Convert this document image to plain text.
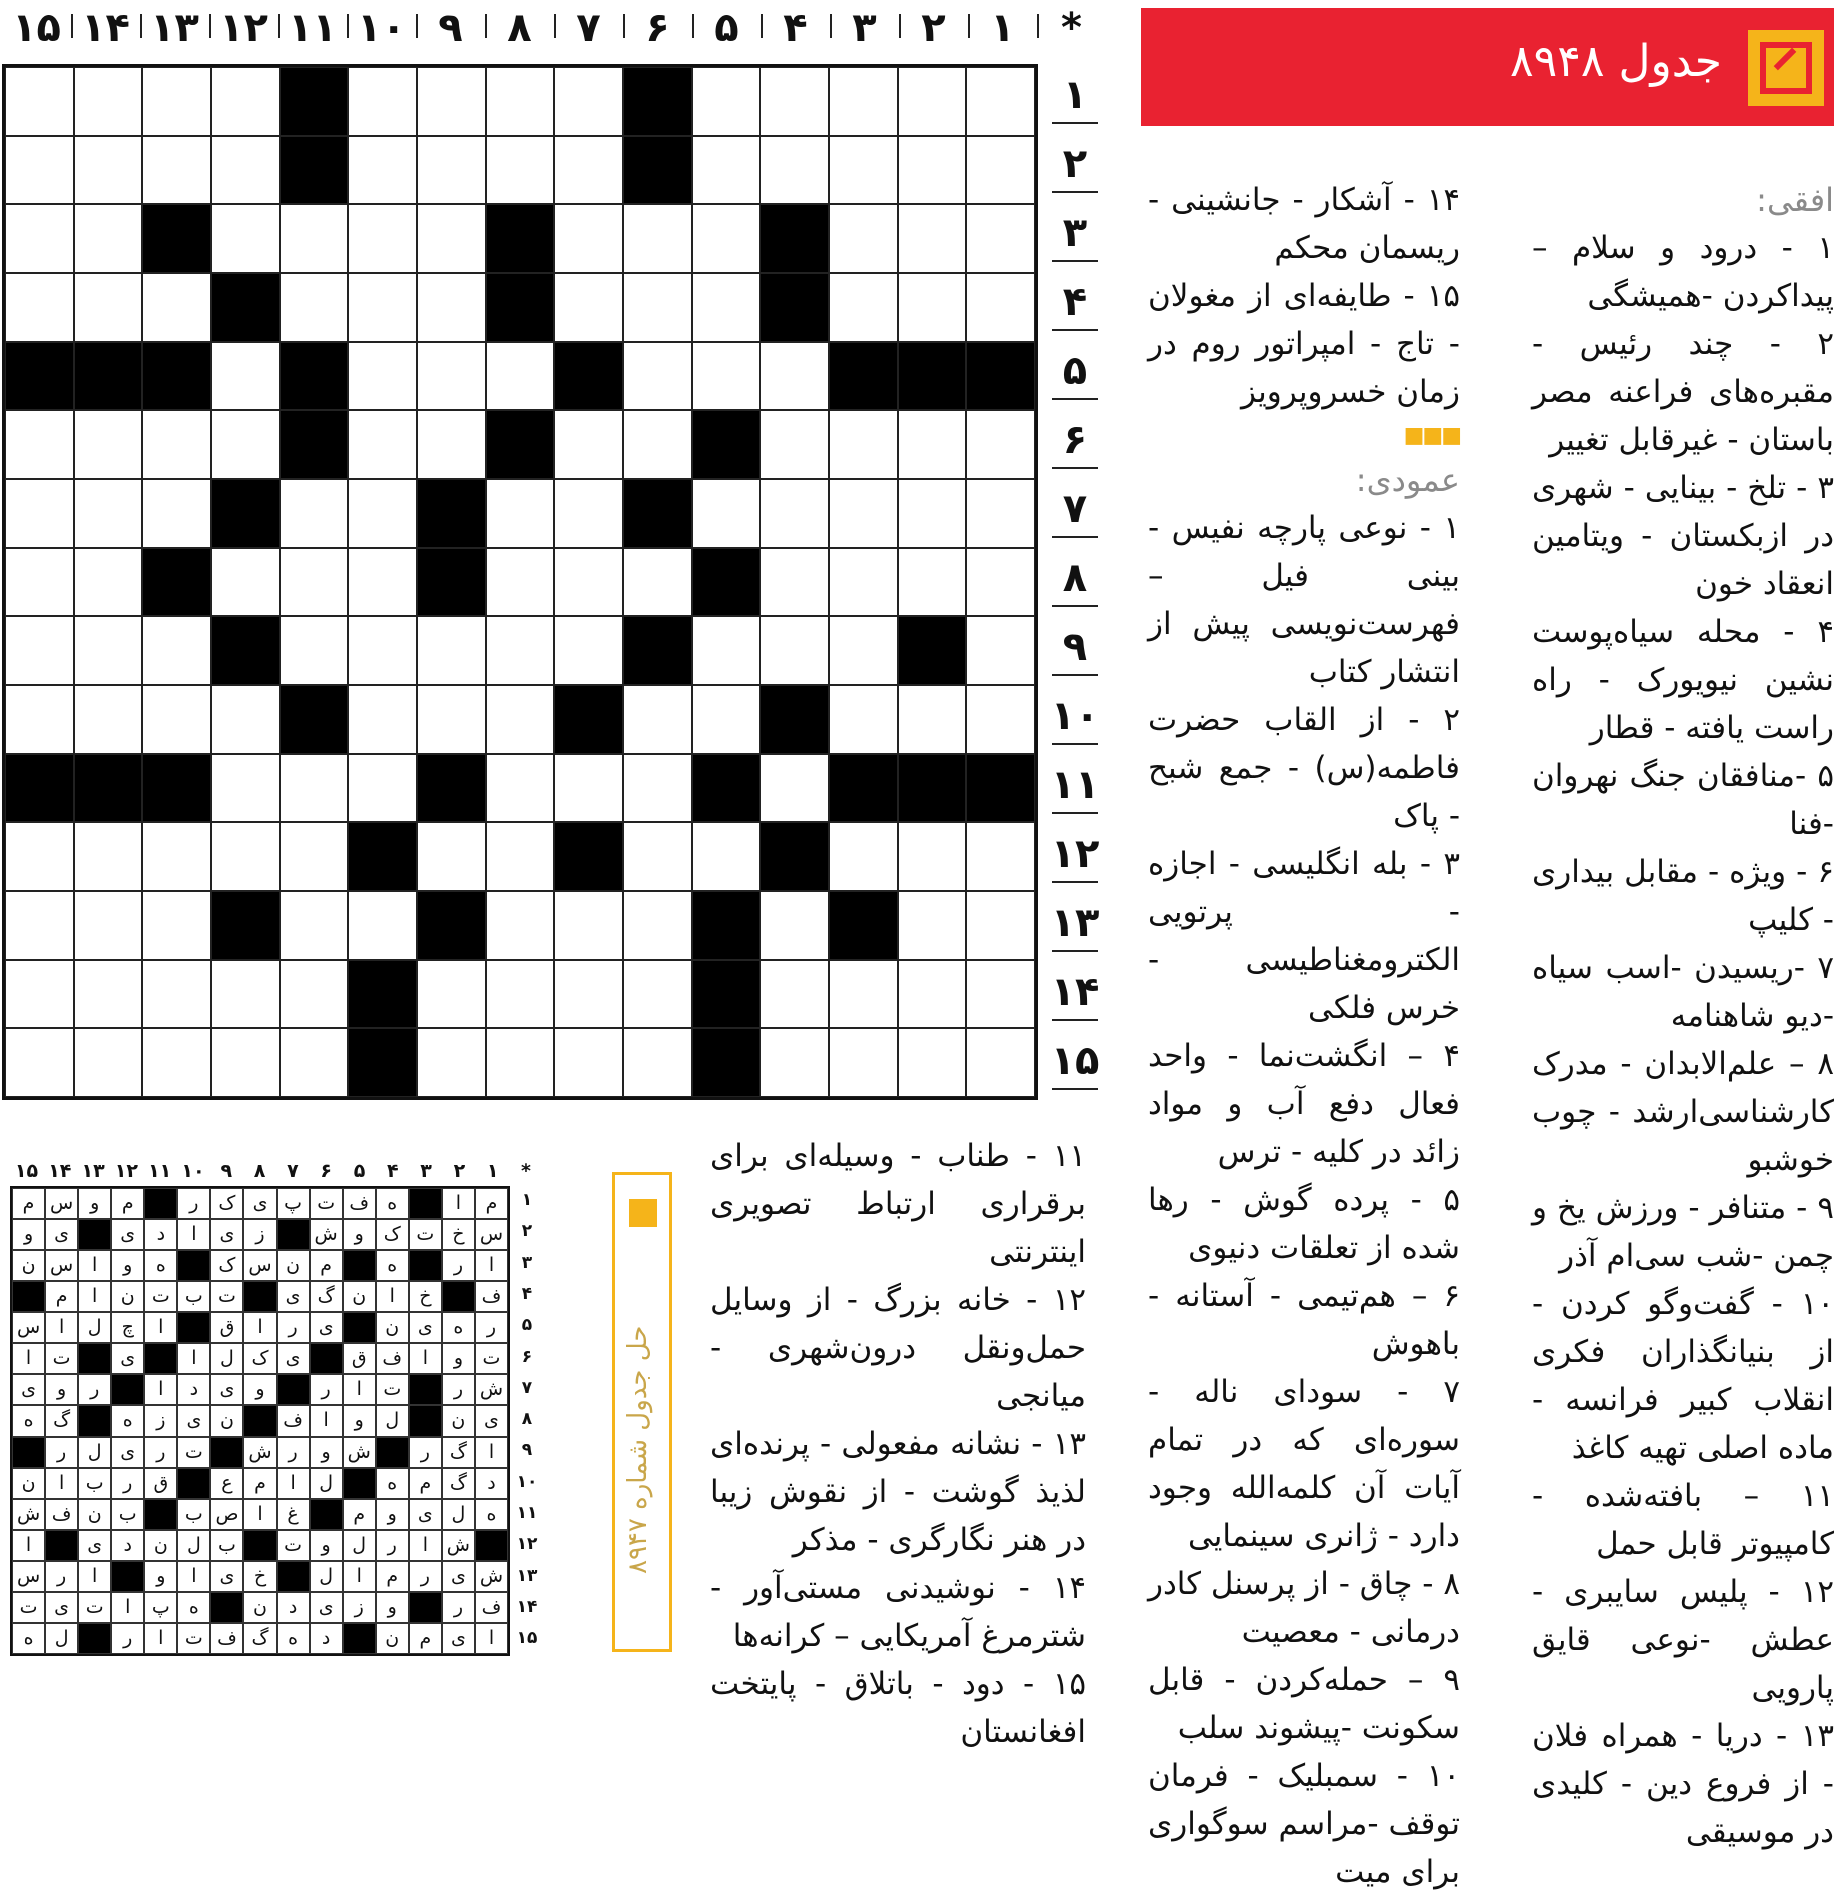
۱۵ ۱۴ ۱۳ ۱۲ ۱۱ ۱۰ ۹	۸	۷	۶	۵	۴	۳	۲	۱	*
۱
۲
۳
۴
۵
۶
۷
۸
۹
۱۰
۱۱
۱۲
۱۳
۱۴
۱۵
جدول ۸۹۴۸
افقی:

۱ - درود و سلام – پیداکردن -همیشگی

۲ - چند رئیس - مقبره‌های فراعنه مصر باستان - غیرقابل تغییر

۳ - تلخ - بینایی - شهری در ازبکستان - ویتامین انعقاد خون

۴ - محله سیاه‌پوست نشین نیویورک - راه راست یافته - قطار

۵ -منافقان جنگ نهروان -فنا

۶ - ویژه - مقابل بیداری - کلیپ

۷ -ریسیدن -اسب سیاه -دیو شاهنامه

۸ – علم‌الابدان - مدرک کارشناسی‌ارشد - چوب خوشبو

۹ - متنافر - ورزش یخ و چمن -شب سی‌ام آذر

۱۰ - گفت‌وگو کردن - از بنیانگذاران فکری انقلاب کبیر فرانسه - ماده اصلی تهیه کاغذ

۱۱ – بافته‌شده - کامپیوتر قابل حمل

۱۲ - پلیس سایبری - عطش -نوعی قایق پارویی

۱۳ - دریا - همراه فلان - از فروع دین - کلیدی در موسیقی

۱۴ - آشکار - جانشینی - ریسمان محکم

۱۵ - طایفه‌ای از مغولان - تاج - امپراتور روم در زمان خسروپرویز

■■■
عمودی:

۱ - نوعی پارچه نفیس - بینی فیل – فهرست‌نویسی پیش از انتشار کتاب

۲ - از القاب حضرت فاطمه(س) - جمع شبح - پاک

۳ - بله انگلیسی - اجازه - پرتویی الکترومغناطیسی - خرس فلکی

۴ – انگشت‌نما - واحد فعال دفع آب و مواد زائد در کلیه - ترس

۵ - پرده گوش - رها شده از تعلقات دنیوی

۶ – هم‌تیمی - آستانه - باهوش

۷ - سودای ناله - سوره‌ای که در تمام آیات آن کلمه‌الله وجود دارد - ژانری سینمایی

۸ - چاق - از پرسنل کادر درمانی - معصیت

۹ – حمله‌کردن - قابل سکونت -پیشوند سلب

۱۰ - سمبلیک - فرمان توقف -مراسم سوگواری برای میت

۱۱ - طناب - وسیله‌ای برای برقراری ارتباط تصویری اینترنتی

۱۲ - خانه بزرگ - از وسایل حمل‌ونقل درون‌شهری - میانجی

۱۳ - نشانه مفعولی - پرنده‌ای لذیذ گوشت - از نقوش زیبا در هنر نگارگری - مذکر

۱۴ - نوشیدنی مستی‌آور - شترمرغ آمریکایی – کرانه‌ها

۱۵ - دود - باتلاق - پایتخت افغانستان

۱۵ ۱۴ ۱۳ ۱۲ ۱۱ ۱۰ ۹	۸	۷	۶	۵	۴	۳	۲	۱	*
م
ا
ه
ف
ت
پ
ی
ک
ر
م
و
س
م
س
خ
ت
ک
و
ش
ز
ی
ا
د
ی
ی
و
ا
ر
ه
م
ن
س
ک
ه
و
ا
س
ن
ف
خ
ا
ن
گ
ی
ت
ب
ت
ن
ا
م
ر
ه
ی
ن
ی
ر
ا
ق
ا
چ
ل
ا
س
ت
و
ا
ف
ق
ی
ک
ل
ا
ی
ت
ا
ش
ر
ت
ا
ر
و
ی
د
ا
ر
و
ی
ی
ن
ل
و
ا
ف
ن
ی
ز
ه
گ
ه
ا
گ
ر
ش
و
ر
ش
ت
ر
ی
ل
ر
د
گ
م
ه
ل
ا
م
ع
ق
ر
ب
ا
ن
ه
ل
ی
و
م
غ
ا
ص
ب
ب
ن
ف
ش
ش
ا
ر
ل
و
ت
ب
ل
ن
د
ی
ا
ش
ی
ر
م
ا
ل
خ
ی
ا
و
ا
ر
س
ف
ر
و
ز
ی
د
ن
ه
پ
ا
ت
ی
ت
ا
ی
م
ن
د
ه
گ
ف
ت
ا
ر
ل
ه
۱
۲
۳
۴
۵
۶
۷
۸
۹
۱۰
۱۱
۱۲
۱۳
۱۴
۱۵
حل جدول شماره ۸۹۴۷
